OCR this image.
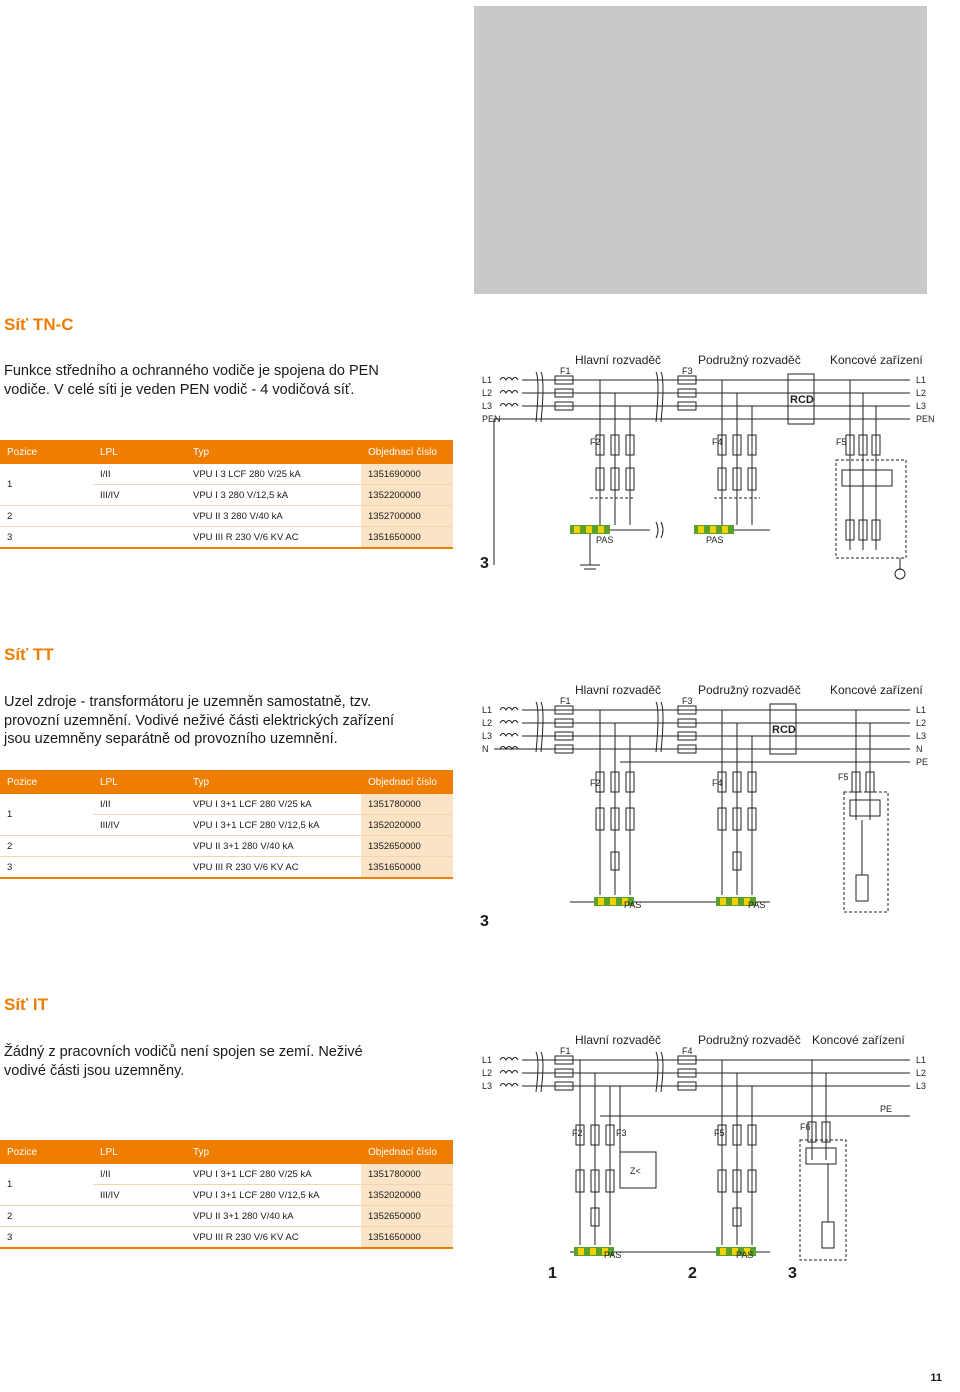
Síť TN-C
Funkce středního a ochranného vodiče je spojena do PEN
vodiče. V celé síti je veden PEN vodič - 4 vodičová síť.
Pozice	LPL	Typ	Objednací číslo
1	I/II	VPU I 3 LCF 280 V/25 kA	1351690000
	III/IV	VPU I 3 280 V/12,5 kA	1352200000
2		VPU II 3 280 V/40 kA	1352700000
3		VPU III R 230 V/6 KV AC	1351650000
L1
L2
L3
PEN
L1
L2
L3
PEN
F1	F3
F2	F4	F5
PAS	PAS
Hlavní rozvaděč	Podružný rozvaděč Koncové zařízení
RCD
3
Síť TT
Uzel zdroje - transformátoru je uzemněn samostatně, tzv.
provozní uzemnění. Vodivé neživé části elektrických zařízení
jsou uzemněny separátně od provozního uzemnění.
Pozice	LPL	Typ	Objednací číslo
1	I/II	VPU I 3+1 LCF 280 V/25 kA	1351780000
	III/IV	VPU I 3+1 LCF 280 V/12,5 kA	1352020000
2		VPU II 3+1 280 V/40 kA	1352650000
3		VPU III R 230 V/6 KV AC	1351650000
L1
L2
L3
N
L1
L2
L3
N
PE
F1	F3
F2	F4
F5
PAS	PAS
Hlavní rozvaděč	Podružný rozvaděč Koncové zařízení
RCD
3
Síť IT
Žádný z pracovních vodičů není spojen se zemí. Neživé
vodivé části jsou uzemněny.
Pozice	LPL	Typ	Objednací číslo
1	I/II	VPU I 3+1 LCF 280 V/25 kA	1351780000
	III/IV	VPU I 3+1 LCF 280 V/12,5 kA	1352020000
2		VPU II 3+1 280 V/40 kA	1352650000
3		VPU III R 230 V/6 KV AC	1351650000
L1
L2
L3
L1
L2
L3
PE
F1	F4
F2	F3	F5
F6
PAS	PAS
Z<
Hlavní rozvaděč	Podružný rozvaděč Koncové zařízení
1	2	3
11
